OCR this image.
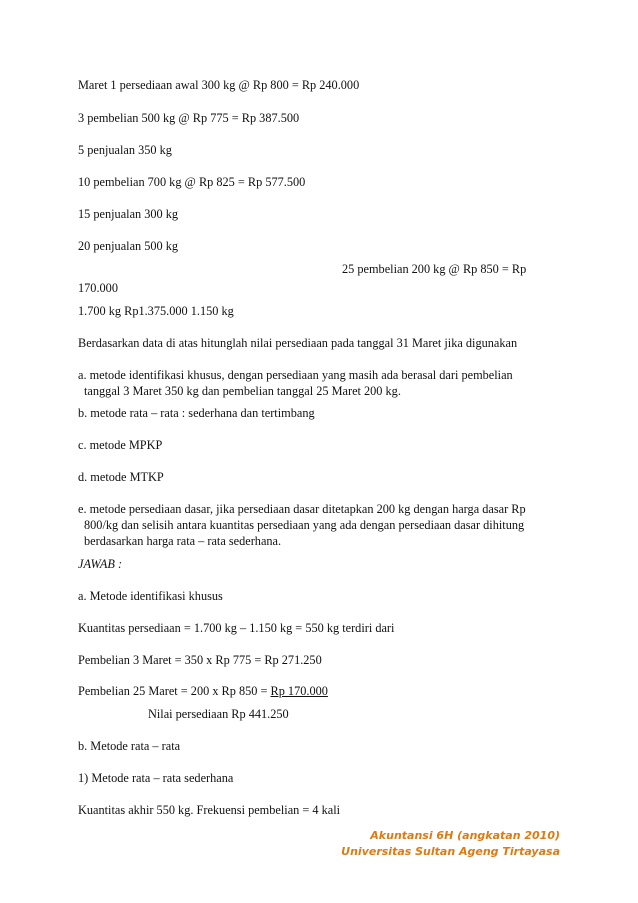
Maret 1 persediaan awal 300 kg @ Rp 800 = Rp 240.000

3 pembelian 500 kg @ Rp 775 = Rp 387.500

5 penjualan 350 kg

10 pembelian 700 kg @ Rp 825 = Rp 577.500

15 penjualan 300 kg

20 penjualan 500 kg

25 pembelian 200 kg @ Rp 850 = Rp

170.000

1.700 kg Rp1.375.000 1.150 kg

Berdasarkan data di atas hitunglah nilai persediaan pada tanggal 31 Maret jika digunakan

a. metode identifikasi khusus, dengan persediaan yang masih ada berasal dari pembelian

tanggal 3 Maret 350 kg dan pembelian tanggal 25 Maret 200 kg.

b. metode rata – rata : sederhana dan tertimbang

c. metode MPKP

d. metode MTKP

e. metode persediaan dasar, jika persediaan dasar ditetapkan 200 kg dengan harga dasar Rp

800/kg dan selisih antara kuantitas persediaan yang ada dengan persediaan dasar dihitung

berdasarkan harga rata – rata sederhana.

JAWAB :

a. Metode identifikasi khusus

Kuantitas persediaan = 1.700 kg – 1.150 kg = 550 kg terdiri dari

Pembelian 3 Maret = 350 x Rp 775 = Rp 271.250

Pembelian 25 Maret = 200 x Rp 850 = Rp 170.000

Nilai persediaan Rp 441.250

b. Metode rata – rata

1) Metode rata – rata sederhana

Kuantitas akhir 550 kg. Frekuensi pembelian = 4 kali

Akuntansi 6H (angkatan 2010)
Universitas Sultan Ageng Tirtayasa
